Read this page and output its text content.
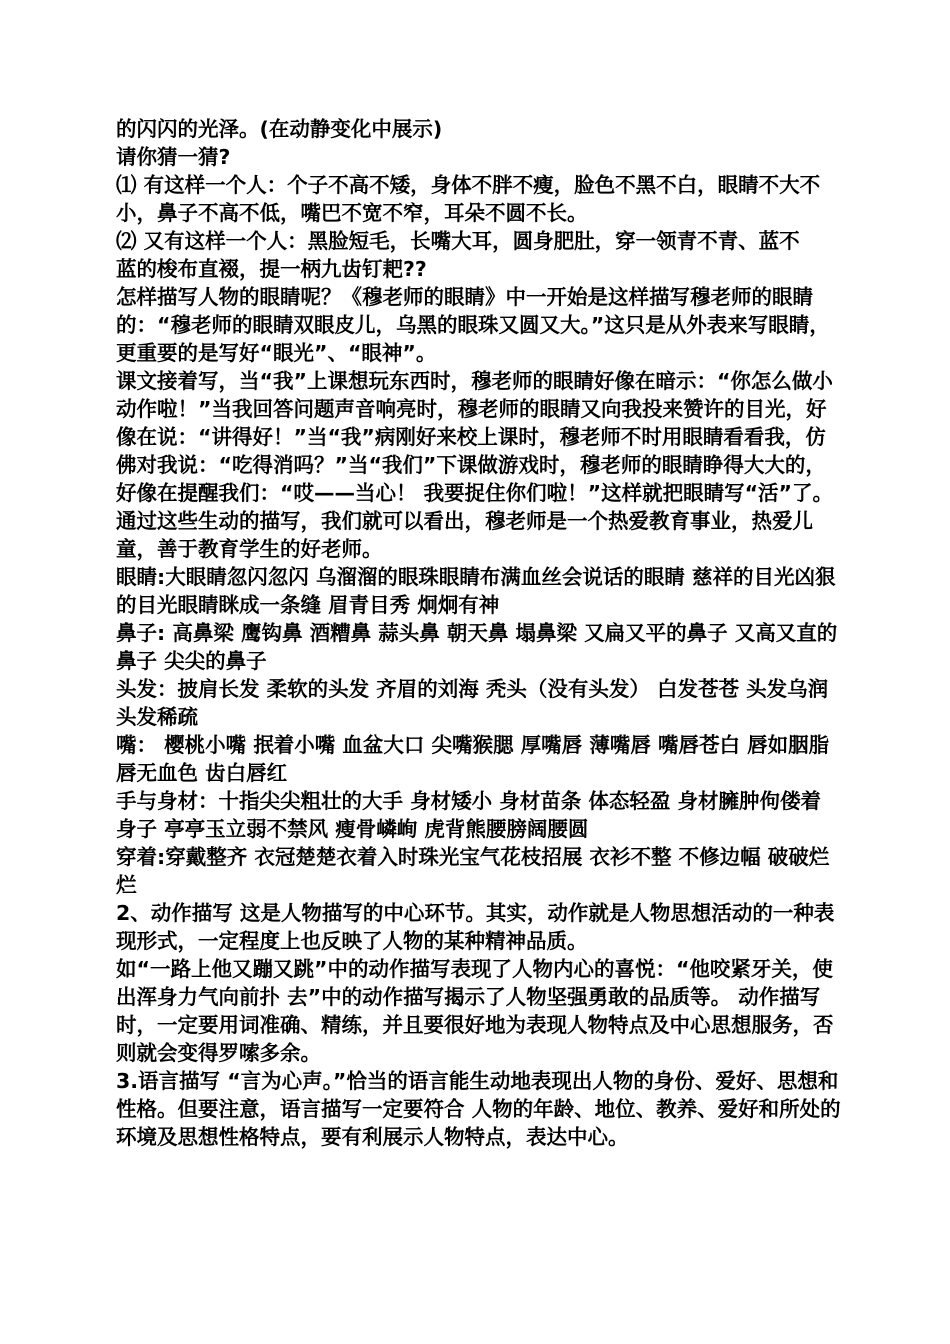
的闪闪的光泽。(在动静变化中展示)

请你猜一猜?

⑴ 有这样一个人：个子不高不矮，身体不胖不瘦，脸色不黑不白，眼睛不大不小，鼻子不高不低，嘴巴不宽不窄，耳朵不圆不长。

⑵ 又有这样一个人：黑脸短毛，长嘴大耳，圆身肥肚，穿一领青不青、蓝不

蓝的梭布直裰，提一柄九齿钉耙??

怎样描写人物的眼睛呢？《穆老师的眼睛》中一开始是这样描写穆老师的眼睛的：“穆老师的眼睛双眼皮儿，乌黑的眼珠又圆又大。”这只是从外表来写眼睛，更重要的是写好“眼光”、“眼神”。

课文接着写，当“我”上课想玩东西时，穆老师的眼睛好像在暗示：“你怎么做小动作啦！”当我回答问题声音响亮时，穆老师的眼睛又向我投来赞许的目光，好像在说：“讲得好！”当“我”病刚好来校上课时，穆老师不时用眼睛看看我，仿佛对我说：“吃得消吗？”当“我们”下课做游戏时，穆老师的眼睛睁得大大的，好像在提醒我们：“哎——当心！ 我要捉住你们啦！”这样就把眼睛写“活”了。

通过这些生动的描写，我们就可以看出，穆老师是一个热爱教育事业，热爱儿童，善于教育学生的好老师。

眼睛:大眼睛忽闪忽闪 乌溜溜的眼珠眼睛布满血丝会说话的眼睛 慈祥的目光凶狠的目光眼睛眯成一条缝 眉青目秀 炯炯有神

鼻子: 高鼻梁 鹰钩鼻 酒糟鼻 蒜头鼻 朝天鼻 塌鼻梁 又扁又平的鼻子 又高又直的鼻子 尖尖的鼻子

头发：披肩长发 柔软的头发 齐眉的刘海 秃头（没有头发） 白发苍苍 头发乌润 头发稀疏

嘴： 樱桃小嘴 抿着小嘴 血盆大口 尖嘴猴腮 厚嘴唇 薄嘴唇 嘴唇苍白 唇如胭脂唇无血色 齿白唇红

手与身材：十指尖尖粗壮的大手 身材矮小 身材苗条 体态轻盈 身材臃肿佝偻着身子 亭亭玉立弱不禁风 瘦骨嶙峋 虎背熊腰膀阔腰圆

穿着:穿戴整齐 衣冠楚楚衣着入时珠光宝气花枝招展 衣衫不整 不修边幅 破破烂烂

2、动作描写 这是人物描写的中心环节。其实，动作就是人物思想活动的一种表现形式，一定程度上也反映了人物的某种精神品质。

如“一路上他又蹦又跳”中的动作描写表现了人物内心的喜悦：“他咬紧牙关，使出浑身力气向前扑 去”中的动作描写揭示了人物坚强勇敢的品质等。 动作描写时，一定要用词准确、精练，并且要很好地为表现人物特点及中心思想服务，否则就会变得罗嗦多余。

3.语言描写 “言为心声。”恰当的语言能生动地表现出人物的身份、爱好、思想和性格。但要注意，语言描写一定要符合 人物的年龄、地位、教养、爱好和所处的环境及思想性格特点，要有利展示人物特点，表达中心。
